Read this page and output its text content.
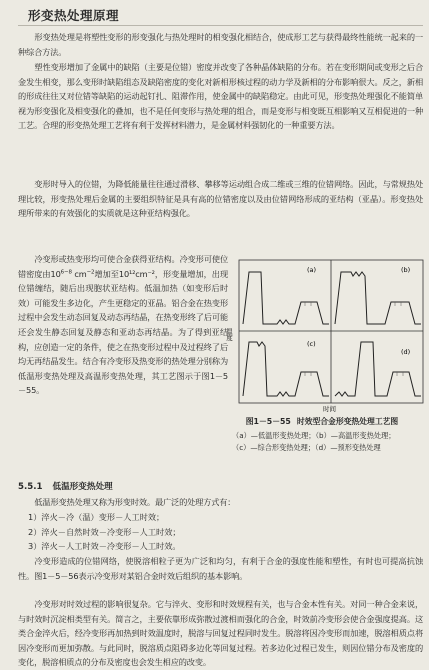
形变热处理原理

形变热处理是将塑性变形的形变强化与热处理时的相变强化相结合，使成形工艺与获得最终性能统一起来的一种综合方法。

塑性变形增加了金属中的缺陷（主要是位错）密度并改变了各种晶体缺陷的分布。若在变形期间或变形之后合金发生相变，那么变形时缺陷组态及缺陷密度的变化对新相形核过程的动力学及新相的分布影响很大。反之，新相的形成往往又对位错等缺陷的运动起钉扎、阻滞作用，使金属中的缺陷稳定。由此可见，形变热处理强化不能简单视为形变强化及相变强化的叠加，也不是任何变形与热处理的组合，而是变形与相变既互相影响又互相促进的一种工艺。合理的形变热处理工艺将有利于发挥材料潜力，是金属材料强韧化的一种重要方法。

变形时导入的位错，为降低能量往往通过滑移、攀移等运动组合成二维或三维的位错网络。因此，与常规热处理比较，形变热处理后金属的主要组织特征是具有高的位错密度以及由位错网络形成的亚结构（亚晶）。形变热处理所带来的有效强化的实质就是这种亚结构强化。

冷变形或热变形均可使合金获得亚结构。冷变形可使位错密度由$10^{6-8}$ $cm^{-2}$增加至10¹²cm⁻²，形变量增加，出现位错缠结，随后出现胞状亚结构。低温加热（如变形后时效）可能发生多边化，产生更稳定的亚晶。铝合金在热变形过程中会发生动态回复及动态再结晶，在热变形终了后可能还会发生静态回复及静态和亚动态再结晶。为了得到亚结构，应创造一定的条件，使之在热变形过程中及过程终了后均无再结晶发生。结合有冷变形及热变形的热处理分别称为低温形变热处理及高温形变热处理，其工艺图示于图1－5－55。

(a)	(b)
(c)
(d)
温度
时间
图1－5－55 时效型合金形变热处理工艺图
（a）—低温形变热处理；（b）—高温形变热处理；
（c）—综合形变热处理；（d）—预形变热处理
5.5.1 低温形变热处理

低温形变热处理又称为形变时效。最广泛的处理方式有：

1）淬火－冷（温）变形－人工时效；
2）淬火－自然时效－冷变形－人工时效；
3）淬火－人工时效－冷变形－人工时效。

冷变形造成的位错网络，使脱溶相粒子更为广泛和均匀，有利于合金的强度性能和塑性，有时也可提高抗蚀性。图1－5－56表示冷变形对某铝合金时效后组织的基本影响。

冷变形对时效过程的影响很复杂。它与淬火、变形和时效规程有关，也与合金本性有关。对同一种合金来说，与时效时沉淀相类型有关。简言之，主要依靠形成弥散过渡相而强化的合金，时效前冷变形会使合金强度提高。这类合金淬火后，经冷变形再加热到时效温度时，脱溶与回复过程同时发生。脱溶将因冷变形而加速，脱溶相质点将因冷变形而更加弥散。与此同时，脱溶质点阻碍多边化等回复过程。若多边化过程已发生，则因位错分布及密度的变化，脱溶相质点的分布及密度也会发生相应的改变。
